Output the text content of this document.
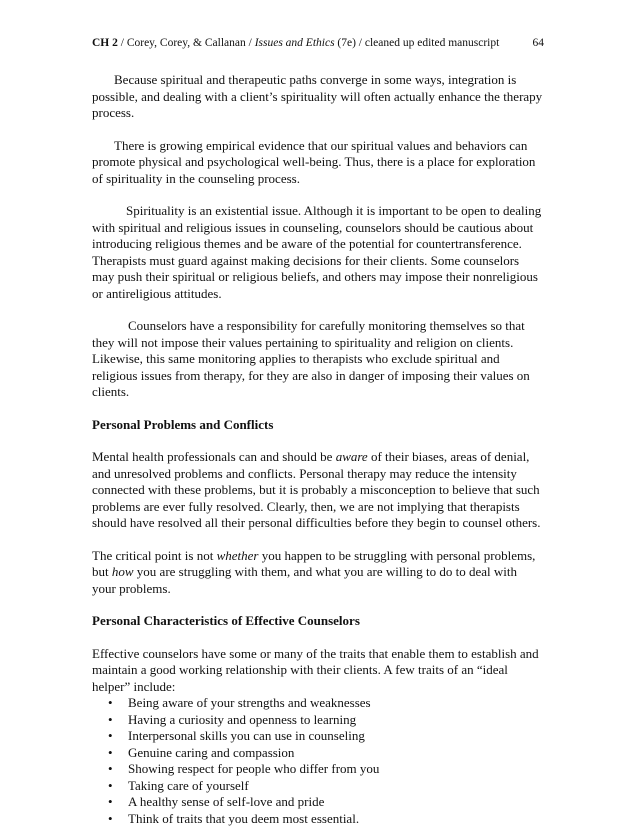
CH 2 / Corey, Corey, & Callanan / Issues and Ethics (7e) / cleaned up edited manuscript	64

Because spiritual and therapeutic paths converge in some ways, integration is possible, and dealing with a client’s spirituality will often actually enhance the therapy process.

There is growing empirical evidence that our spiritual values and behaviors can promote physical and psychological well-being. Thus, there is a place for exploration of spirituality in the counseling process.

Spirituality is an existential issue. Although it is important to be open to dealing with spiritual and religious issues in counseling, counselors should be cautious about introducing religious themes and be aware of the potential for countertransference. Therapists must guard against making decisions for their clients. Some counselors may push their spiritual or religious beliefs, and others may impose their nonreligious or antireligious attitudes.

Counselors have a responsibility for carefully monitoring themselves so that they will not impose their values pertaining to spirituality and religion on clients. Likewise, this same monitoring applies to therapists who exclude spiritual and religious issues from therapy, for they are also in danger of imposing their values on clients.

Personal Problems and Conflicts

Mental health professionals can and should be aware of their biases, areas of denial, and unresolved problems and conflicts. Personal therapy may reduce the intensity connected with these problems, but it is probably a misconception to believe that such problems are ever fully resolved. Clearly, then, we are not implying that therapists should have resolved all their personal difficulties before they begin to counsel others.

The critical point is not whether you happen to be struggling with personal problems, but how you are struggling with them, and what you are willing to do to deal with your problems.

Personal Characteristics of Effective Counselors

Effective counselors have some or many of the traits that enable them to establish and maintain a good working relationship with their clients. A few traits of an “ideal helper” include:

• Being aware of your strengths and weaknesses
• Having a curiosity and openness to learning
• Interpersonal skills you can use in counseling
• Genuine caring and compassion
• Showing respect for people who differ from you
• Taking care of yourself
• A healthy sense of self-love and pride
• Think of traits that you deem most essential.
